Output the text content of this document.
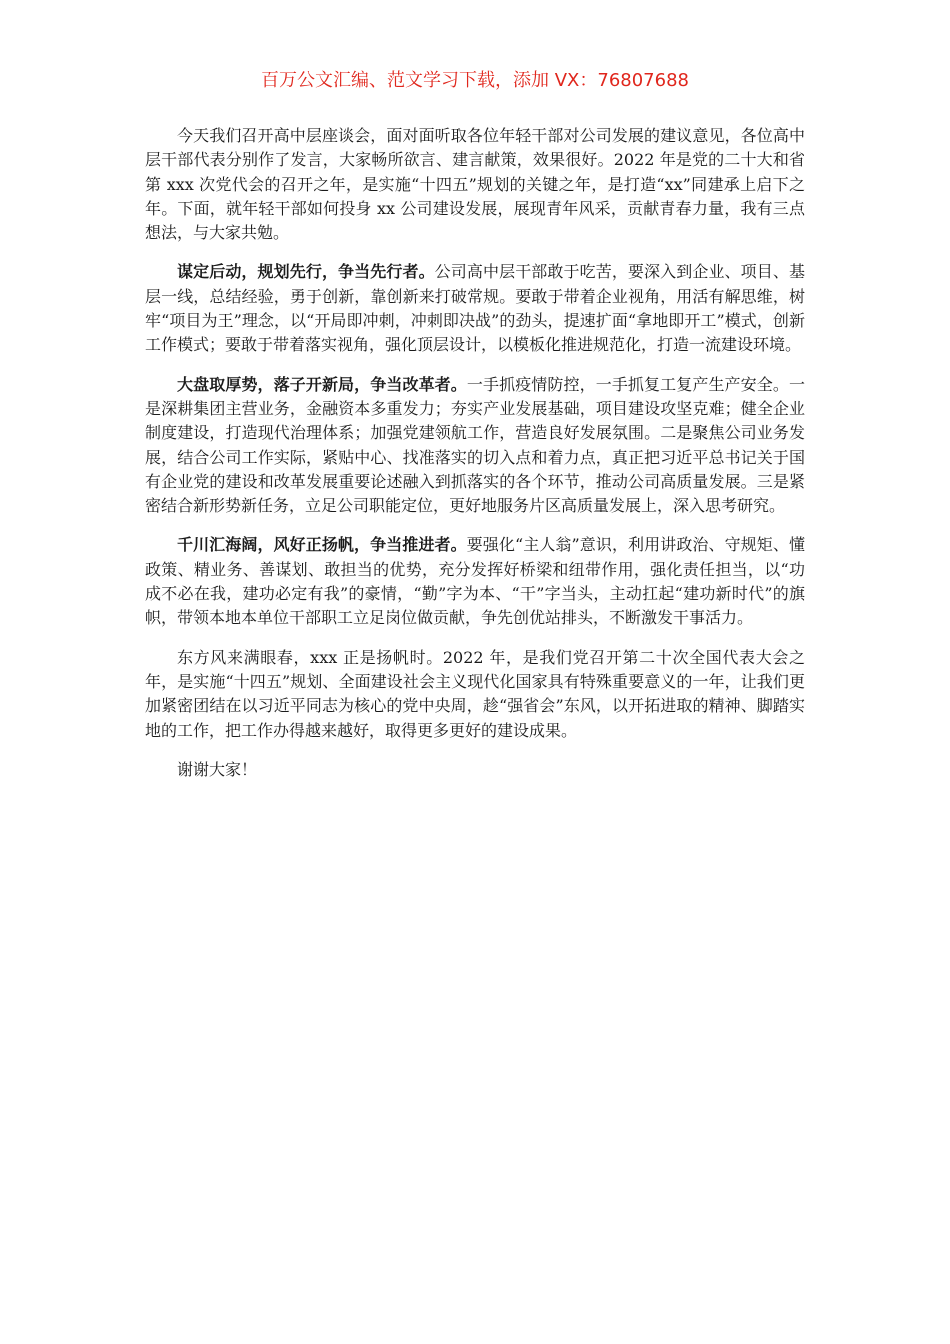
百万公文汇编、范文学习下载，添加 VX：76807688

今天我们召开高中层座谈会，面对面听取各位年轻干部对公司发展的建议意见，各位高中层干部代表分别作了发言，大家畅所欲言、建言献策，效果很好。2022 年是党的二十大和省第 xxx 次党代会的召开之年，是实施“十四五”规划的关键之年，是打造“xx”同建承上启下之年。下面，就年轻干部如何投身 xx 公司建设发展，展现青年风采，贡献青春力量，我有三点想法，与大家共勉。

谋定后动，规划先行，争当先行者。公司高中层干部敢于吃苦，要深入到企业、项目、基层一线，总结经验，勇于创新，靠创新来打破常规。要敢于带着企业视角，用活有解思维，树牢“项目为王”理念，以“开局即冲刺，冲刺即决战”的劲头，提速扩面“拿地即开工”模式，创新工作模式；要敢于带着落实视角，强化顶层设计，以模板化推进规范化，打造一流建设环境。

大盘取厚势，落子开新局，争当改革者。一手抓疫情防控，一手抓复工复产生产安全。一是深耕集团主营业务，金融资本多重发力；夯实产业发展基础，项目建设攻坚克难；健全企业制度建设，打造现代治理体系；加强党建领航工作，营造良好发展氛围。二是聚焦公司业务发展，结合公司工作实际，紧贴中心、找准落实的切入点和着力点，真正把习近平总书记关于国有企业党的建设和改革发展重要论述融入到抓落实的各个环节，推动公司高质量发展。三是紧密结合新形势新任务，立足公司职能定位，更好地服务片区高质量发展上，深入思考研究。

千川汇海阔，风好正扬帆，争当推进者。要强化“主人翁”意识，利用讲政治、守规矩、懂政策、精业务、善谋划、敢担当的优势，充分发挥好桥梁和纽带作用，强化责任担当，以“功成不必在我，建功必定有我”的豪情，“勤”字为本、“干”字当头，主动扛起“建功新时代”的旗帜，带领本地本单位干部职工立足岗位做贡献，争先创优站排头，不断激发干事活力。

东方风来满眼春，xxx 正是扬帆时。2022 年，是我们党召开第二十次全国代表大会之年，是实施“十四五”规划、全面建设社会主义现代化国家具有特殊重要意义的一年，让我们更加紧密团结在以习近平同志为核心的党中央周，趁“强省会”东风，以开拓进取的精神、脚踏实地的工作，把工作办得越来越好，取得更多更好的建设成果。

谢谢大家！
